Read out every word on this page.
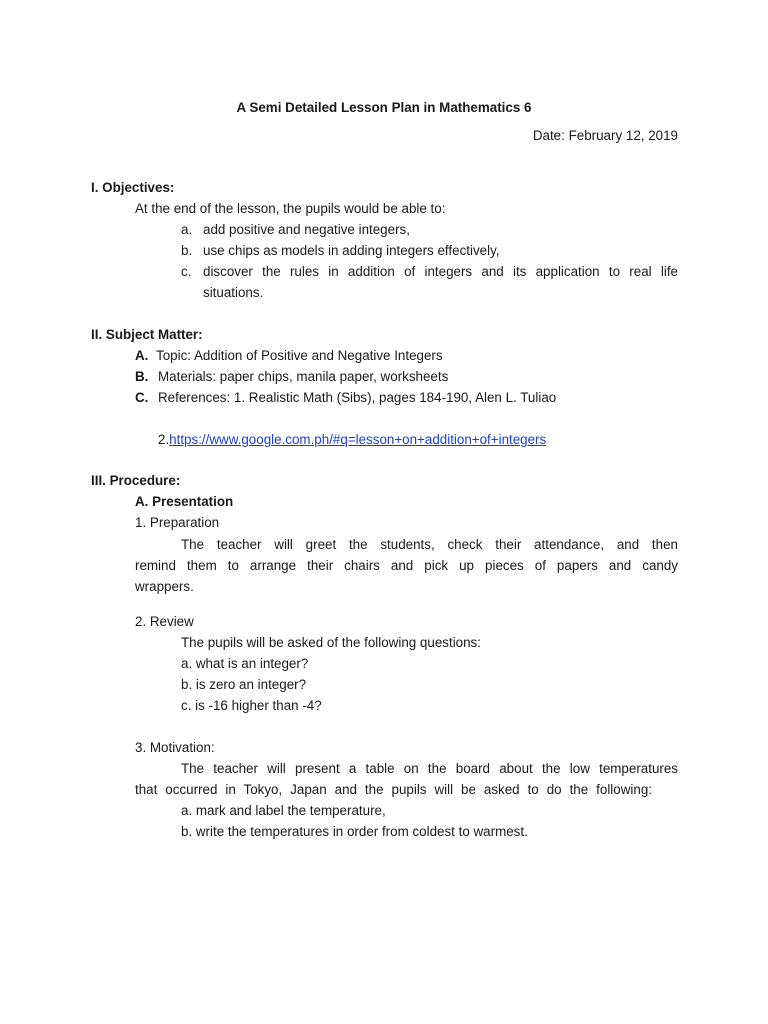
A Semi Detailed Lesson Plan in Mathematics 6
Date: February 12, 2019
I. Objectives:
At the end of the lesson, the pupils would be able to:
a. add positive and negative integers,
b. use chips as models in adding integers effectively,
c. discover the rules in addition of integers and its application to real life
situations.
II. Subject Matter:
A. Topic: Addition of Positive and Negative Integers
B. Materials: paper chips, manila paper, worksheets
C. References: 1. Realistic Math (Sibs), pages 184-190, Alen L. Tuliao
2.https://www.google.com.ph/#q=lesson+on+addition+of+integers
III. Procedure:
A. Presentation
1. Preparation
The teacher will greet the students, check their attendance, and then
remind them to arrange their chairs and pick up pieces of papers and candy
wrappers.
2. Review
The pupils will be asked of the following questions:
a. what is an integer?
b. is zero an integer?
c. is -16 higher than -4?
3. Motivation:
The teacher will present a table on the board about the low temperatures
that occurred in Tokyo, Japan and the pupils will be asked to do the following:
a. mark and label the temperature,
b. write the temperatures in order from coldest to warmest.
